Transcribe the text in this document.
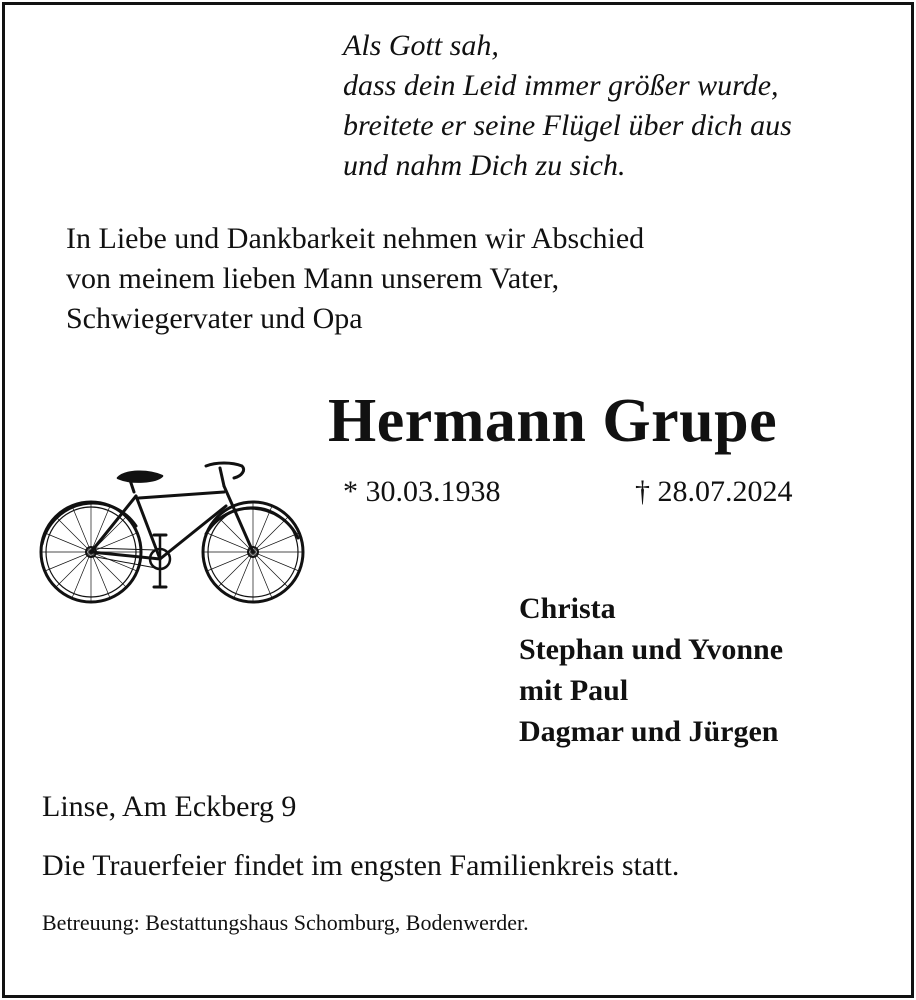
Als Gott sah,
dass dein Leid immer größer wurde,
breitete er seine Flügel über dich aus
und nahm Dich zu sich.
In Liebe und Dankbarkeit nehmen wir Abschied
von meinem lieben Mann unserem Vater,
Schwiegervater und Opa
Hermann Grupe
* 30.03.1938	† 28.07.2024
Christa
Stephan und Yvonne
mit Paul
Dagmar und Jürgen
Linse, Am Eckberg 9
Die Trauerfeier findet im engsten Familienkreis statt.
Betreuung: Bestattungshaus Schomburg, Bodenwerder.
